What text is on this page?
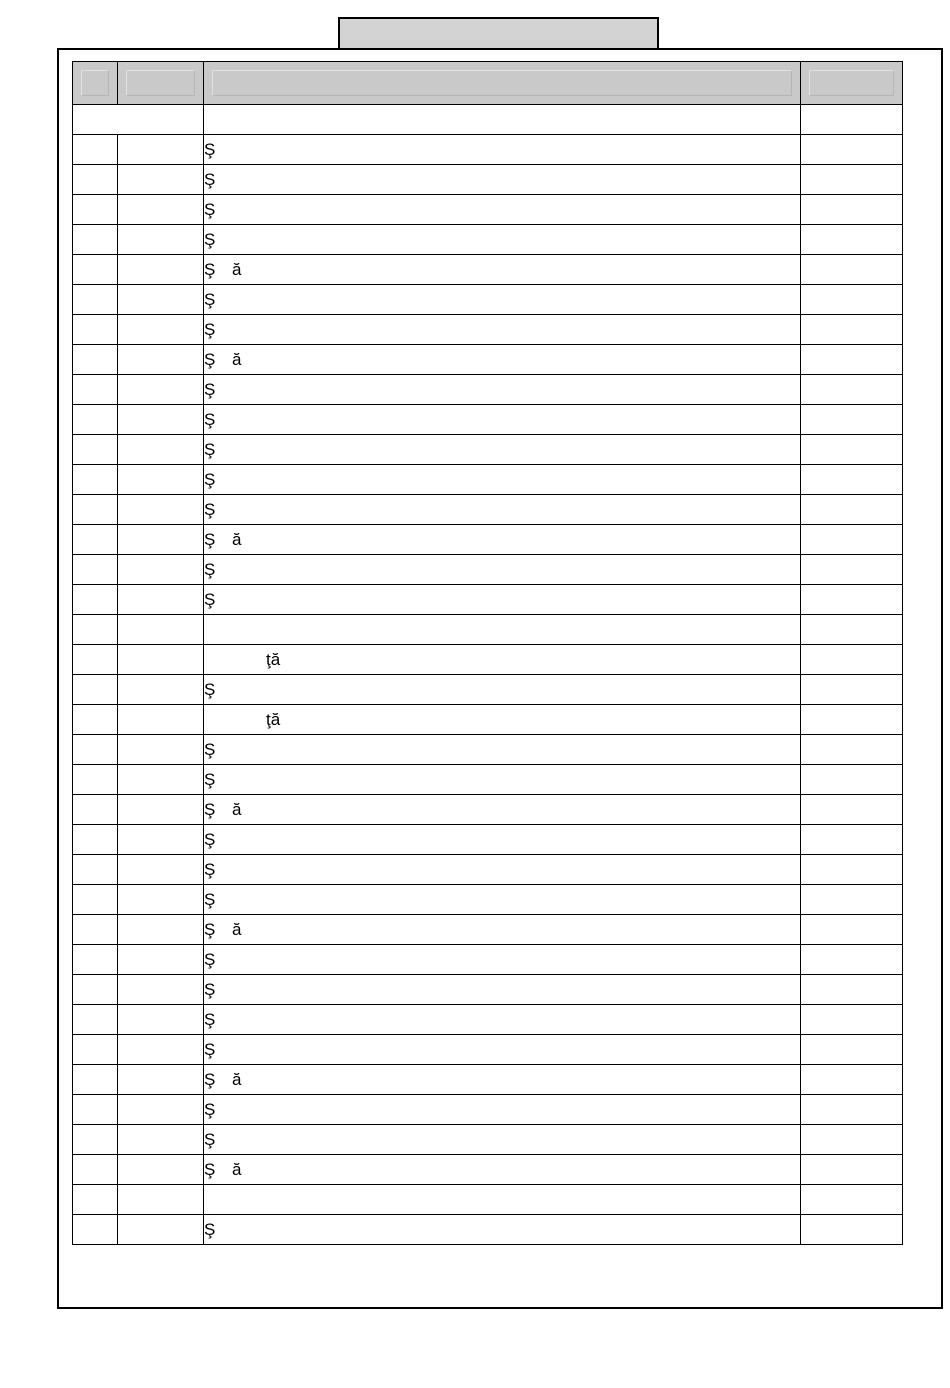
		Ş	
		Ş	
		Ş	
		Ş	
		Ş ă	
		Ş	
		Ş	
		Ş ă	
		Ş	
		Ş	
		Ş	
		Ş	
		Ş	
		Ş ă	
		Ş	
		Ş	

		ţă	
		Ş	
		ţă	
		Ş	
		Ş	
		Ş ă	
		Ş	
		Ş	
		Ş	
		Ş ă	
		Ş	
		Ş	
		Ş	
		Ş	
		Ş ă	
		Ş	
		Ş	
		Ş ă	

		Ş	
